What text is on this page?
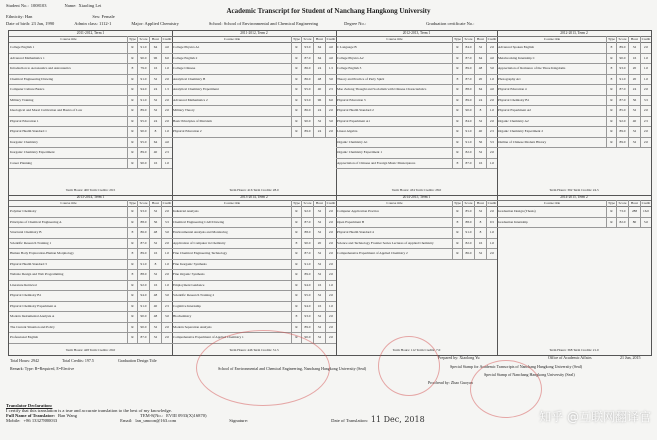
Academic Transcript for Student of Nanchang Hangkong University
Student No.: 1008103	Name: Xiaoling Lei
Ethnicity: Han	Sex: Female
Date of birth: 23 Jan, 1990	Admin class: 1112-1	Major: Applied Chemistry	School: School of Environmental and Chemical Engineering	Degree No.:	Graduation certificate No.:
2011-2012, Term 1
Course title	Type	Score	Hour	Credit
College English 1	R	91.0	64	4.0
Advanced Mathematics 1	R	90.0	96	6.0
Introduction to Aeronautics and Astronautics	E	79.0	16	1.0
Chemical Engineering Drawing	R	91.0	32	2.0
Computer Culture Basics	R	94.0	24	1.5
Military Training	R	91.0	32	2.0
Ideological and Moral Cultivation and Basics of Law	R	89.0	32	2.0
Physical Education 1	R	95.0	24	2.0
Physical Health Standard 1	R	90.0	8	1.0
Inorganic Chemistry	R	95.0	64	4.0
Inorganic Chemistry Experiment	R	89.0	40	2.5
Career Planning	R	90.0	16	1.0
Term Hours: 400 Term Credits: 29.5
2013-2014, Term 1
Course title	Type	Score	Hour	Credit
Polymer Chemistry	R	93.0	32	2.0
Principles of Chemical Engineering A	R	88.0	56	3.5
Structural Chemistry B	E	86.0	48	3.0
Scientific Research Training 1	R	87.0	32	2.0
Human Body Exploration-Human Morphology	E	89.0	16	1.0
Physical Health Standard 3	R	91.0	8	1.0
Website Design and Web Programming	E	88.0	32	2.0
Literature Retrieval	R	92.0	16	1.0
Physical Chemistry B1	R	94.0	48	3.0
Physical Chemistry Experiment A	R	91.0	40	2.5
Modern Instrumental Analysis A	R	90.0	48	3.0
The Current Situation and Policy	R	90.0	32	2.0
Professional English	R	87.0	32	2.0
Term Hours: 428 Term Credits: 29.0
2011-2012, Term 2
Course title	Type	Score	Hour	Credit
College Physics A1	R	93.0	64	4.0
College English 2	R	87.0	64	4.0
College Chinese	R	86.0	24	1.5
Analytical Chemistry B	R	86.0	48	3.0
Analytical Chemistry Experiment	R	95.0	40	2.5
Advanced Mathematics 2	R	93.0	96	6.0
Military Theory	R	86.0	24	2.0
Basic Principles of Marxism	R	90.0	32	3.0
Physical Education 2	R	89.0	24	2.0
Term Hours: 416 Term Credits: 28.0
2013-2014, Term 2
Course title	Type	Score	Hour	Credit
Industrial Analysis	R	92.0	32	2.0
Chemical Engineering CAD Drawing	R	87.0	32	2.0
Environmental Analysis and Monitoring	R	88.0	32	2.0
Application of Computer in Chemistry	E	90.0	20	2.0
Fine Chemical Engineering Technology	R	87.0	32	2.0
Fine Inorganic Synthesis	R	91.0	32	2.0
Fine Organic Synthesis	R	89.0	32	2.0
Employment Guidance	R	94.0	16	1.0
Scientific Research Training 2	R	95.0	32	2.0
Cognitive Internship	R	94.0	16	1.0
Biochemistry	E	93.0	32	2.0
Modern Separation Analysis	R	89.0	32	2.0
Comprehensive Experiment of Applied Chemistry 1	R	90.0	32	2.0
Term Hours: 446 Term Credits: 31.5
2012-2013, Term 1
Course title	Type	Score	Hour	Credit
C Language B	R	84.0	32	2.0
College Physics A2	R	87.0	64	4.0
College English 3	R	89.0	48	3.0
Theory and Practice of Party Spirit	E	87.0	20	1.0
Mao Zedong Thought and Socialism with Chinese Characteristics	R	88.0	64	4.0
Physical Education 3	R	89.0	24	2.0
Physical Health Standard 2	R	90.0	8	1.0
Physical Experiment A1	R	84.0	32	2.0
Linear Algebra	R	91.0	40	2.5
Organic Chemistry A1	R	91.0	56	3.5
Organic Chemistry Experiment 1	R	82.0	32	2.0
Appreciation of Chinese and Foreign Music Masterpieces	E	87.0	16	1.0
Term Hours: 434 Term Credits: 28.0
2014-2015, Term 1
Course title	Type	Score	Hour	Credit
Computer Application Practice	R	85.0	32	2.0
Open Experiment B	E	88.0	8	0.5
Physical Health Standard 4	R	91.0	8	1.0
Science and Technology Frontier Series Lectures of Applied Chemistry	R	82.0	16	1.0
Comprehensive Experiment of Applied Chemistry 2	R	86.0	32	2.0
Term Hours: 112 Term Credits: 7.0
2012-2013, Term 2
Course title	Type	Score	Hour	Credit
Advanced Spoken English	E	89.0	32	2.0
Metalworking Internship C	R	90.0	16	1.0
Appreciation of Romance of the Three Kingdoms	E	93.0	20	1.0
Photography Art	E	91.0	20	1.0
Physical Education 4	R	87.0	24	2.0
Physical Chemistry B1	R	87.0	56	3.5
Physical Experiment A2	R	85.0	32	2.0
Organic Chemistry A2	R	92.0	40	2.5
Organic Chemistry Experiment 2	R	89.0	32	2.0
Outline of Chinese Modern History	R	89.0	32	2.0
Term Hours: 392 Term Credits: 24.5
2014-2015, Term 2
Course title	Type	Score	Hour	Credit
Graduation Design (Thesis)	R	73.0	288	16.0
Graduation Internship	R	82.0	80	5.0
Term Hours: 368 Term Credits: 21.0
Total Hours: 2942	Total Credits: 197.5	Graduation Design Title
Remark: Type: R=Required, E=Elective	School of Environmental and Chemical Engineering, Nanchang Hangkong University (Seal)
Prepared by: Xiaolong Yu	Office of Academic Affairs	21 Jun, 2015
Special Stamp for Academic Transcripts of Nanchang Hangkong University (Seal)
Special Stamp of Nanchang Hangkong University (Seal)
Proofread by: Zhao Guoyan
Translator Declaration:
I certify that this translation is a true and accurate translation to the best of my knowledge.
Full Name of Translator: Ban Wang	TEM-8(No.: EVIII 0933(X)16870)
Mobile: +86 13327880033	Email: lan_umoon@163.com	Signature:	Date of Translation: 11 Dec, 2018	知乎 @互联网翻译官
